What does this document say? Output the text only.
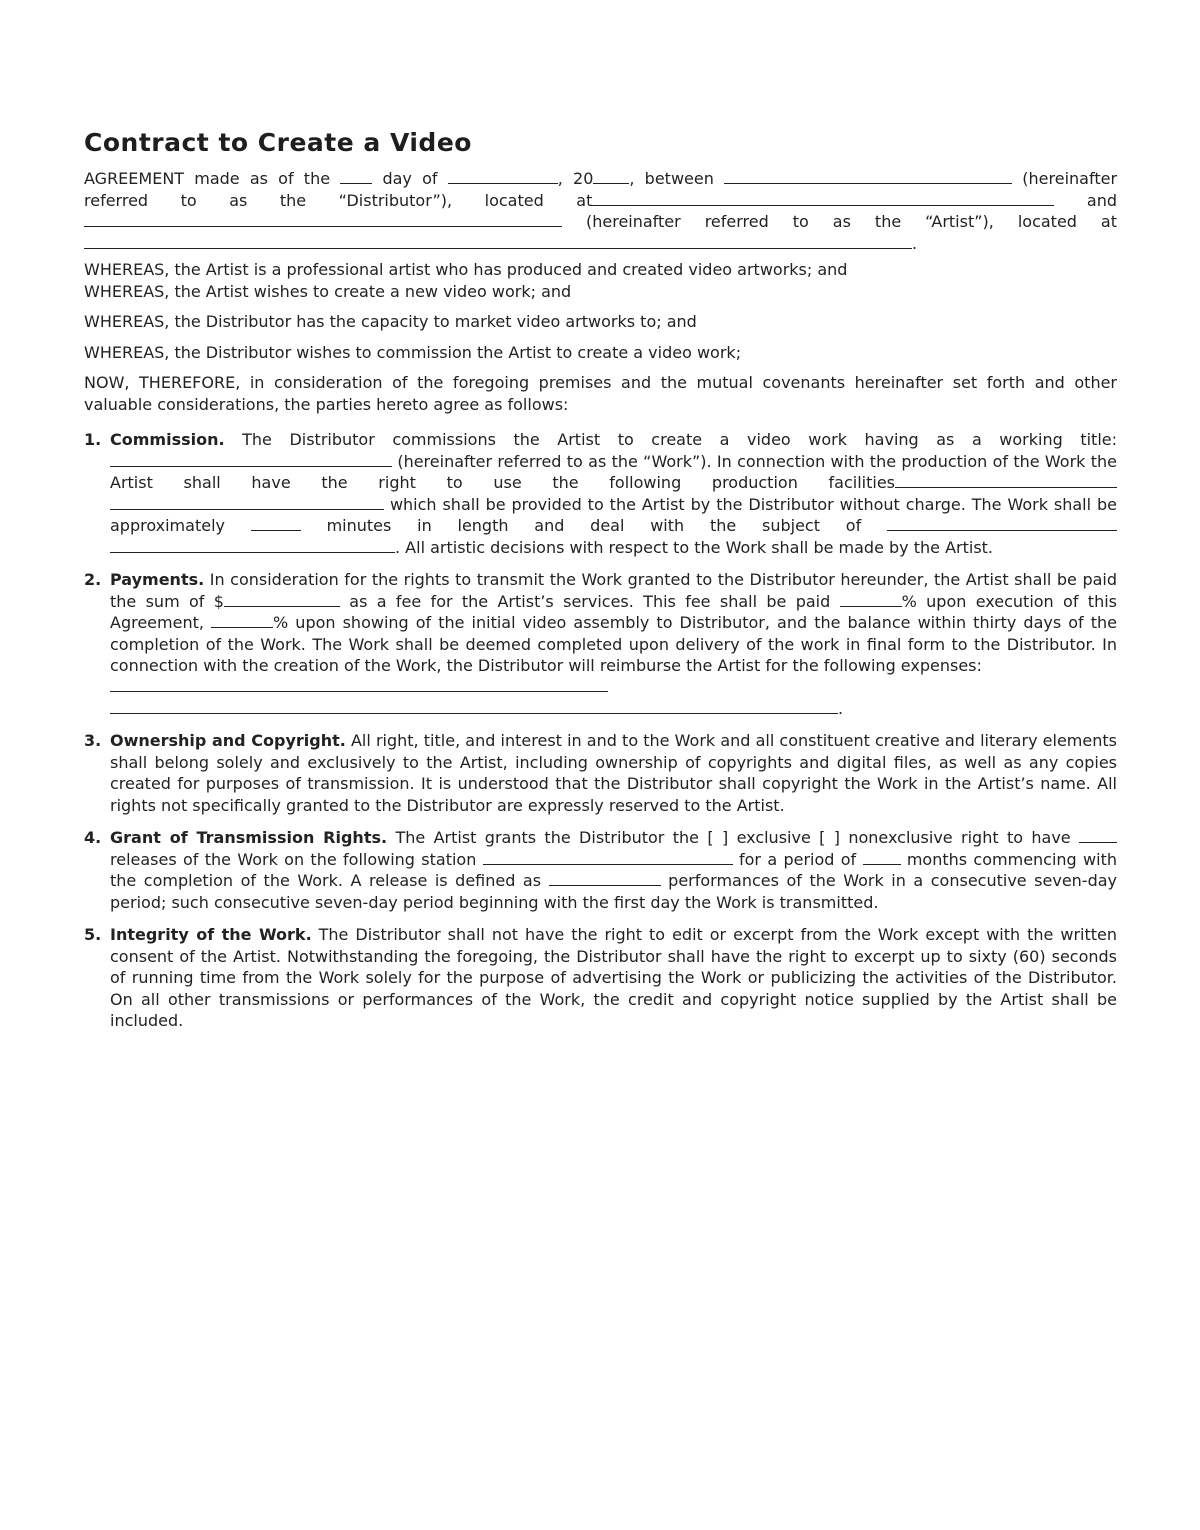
Contract to Create a Video

AGREEMENT made as of the	day of	, 20 , between	(hereinafter referred to as the “Distributor”), located at	and  (hereinafter referred to as the “Artist”), located at

.

WHEREAS, the Artist is a professional artist who has produced and created video artworks; and

WHEREAS, the Artist wishes to create a new video work; and

WHEREAS, the Distributor has the capacity to market video artworks to; and

WHEREAS, the Distributor wishes to commission the Artist to create a video work;

NOW, THEREFORE, in consideration of the foregoing premises and the mutual covenants hereinafter set forth and other valuable considerations, the parties hereto agree as follows:

1. Commission. The Distributor commissions the Artist to create a video work having as a working title:  (hereinafter referred to as the “Work”). In connection with the production of the Work the Artist shall have the right to use the following production facilities  which shall be provided to the Artist by the Distributor without charge. The Work shall be approximately	minutes in length and deal with the subject of  . All artistic decisions with respect to the Work shall be made by the Artist.
2. Payments. In consideration for the rights to transmit the Work granted to the Distributor hereunder, the Artist shall be paid the sum of $	as a fee for the Artist’s services. This fee shall be paid	% upon execution of this Agreement,	% upon showing of the initial video assembly to Distributor, and the balance within thirty days of the completion of the Work. The Work shall be deemed completed upon delivery of the work in final form to the Distributor. In connection with the creation of the Work, the Distributor will reimburse the Artist for the following expenses:
.
3. Ownership and Copyright. All right, title, and interest in and to the Work and all constituent creative and literary elements shall belong solely and exclusively to the Artist, including ownership of copyrights and digital files, as well as any copies created for purposes of transmission. It is understood that the Distributor shall copyright the Work in the Artist’s name. All rights not specifically granted to the Distributor are expressly reserved to the Artist.
4. Grant of Transmission Rights. The Artist grants the Distributor the [ ] exclusive [ ] nonexclusive right to have  releases of the Work on the following station	for a period of	months commencing with the completion of the Work. A release is defined as	performances of the Work in a consecutive seven-day period; such consecutive seven-day period beginning with the first day the Work is transmitted.
5. Integrity of the Work. The Distributor shall not have the right to edit or excerpt from the Work except with the written consent of the Artist. Notwithstanding the foregoing, the Distributor shall have the right to excerpt up to sixty (60) seconds of running time from the Work solely for the purpose of advertising the Work or publicizing the activities of the Distributor. On all other transmissions or performances of the Work, the credit and copyright notice supplied by the Artist shall be included.
